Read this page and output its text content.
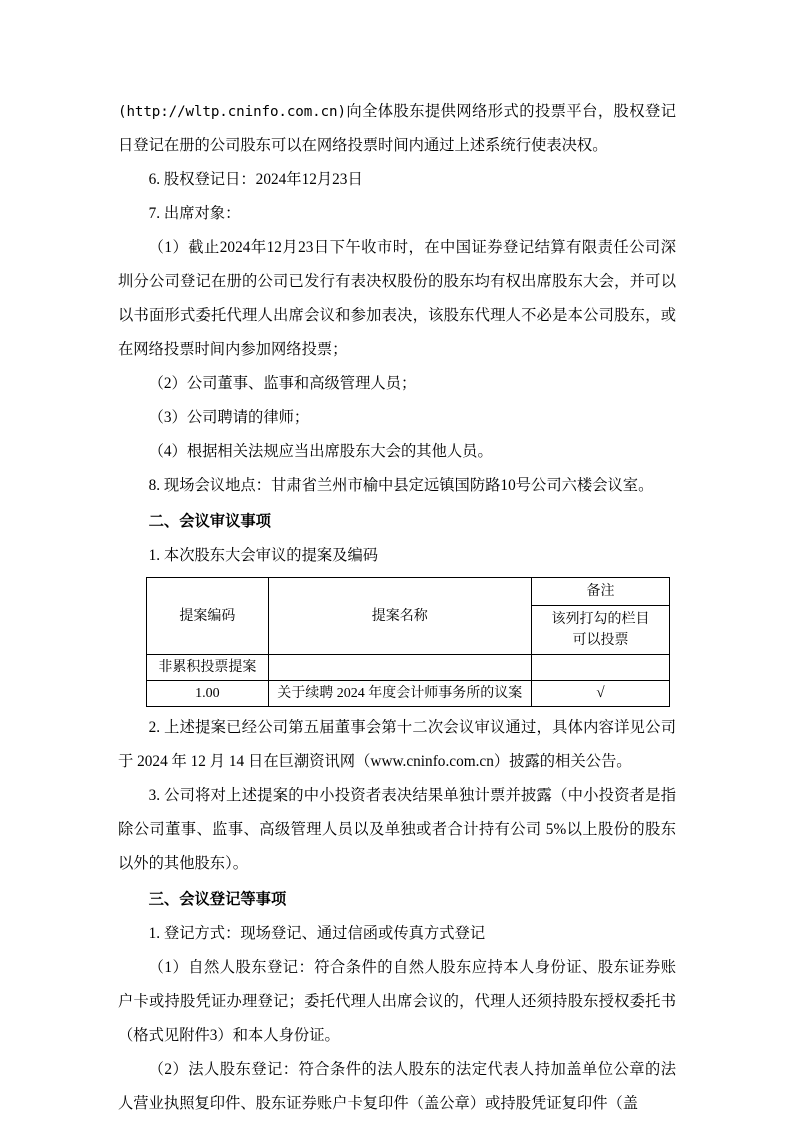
(http://wltp.cninfo.com.cn)向全体股东提供网络形式的投票平台，股权登记日登记在册的公司股东可以在网络投票时间内通过上述系统行使表决权。

6. 股权登记日：2024年12月23日

7. 出席对象：

（1）截止2024年12月23日下午收市时，在中国证券登记结算有限责任公司深圳分公司登记在册的公司已发行有表决权股份的股东均有权出席股东大会，并可以以书面形式委托代理人出席会议和参加表决，该股东代理人不必是本公司股东，或在网络投票时间内参加网络投票；

（2）公司董事、监事和高级管理人员；

（3）公司聘请的律师；

（4）根据相关法规应当出席股东大会的其他人员。

8. 现场会议地点：甘肃省兰州市榆中县定远镇国防路10号公司六楼会议室。

二、会议审议事项

1. 本次股东大会审议的提案及编码

提案编码	提案名称	备注

		该列打勾的栏目
可以投票

非累积投票提案		
1.00	关于续聘 2024 年度会计师事务所的议案	√

2. 上述提案已经公司第五届董事会第十二次会议审议通过，具体内容详见公司于 2024 年 12 月 14 日在巨潮资讯网（www.cninfo.com.cn）披露的相关公告。

3. 公司将对上述提案的中小投资者表决结果单独计票并披露（中小投资者是指除公司董事、监事、高级管理人员以及单独或者合计持有公司 5%以上股份的股东以外的其他股东）。

三、会议登记等事项

1. 登记方式：现场登记、通过信函或传真方式登记

（1）自然人股东登记：符合条件的自然人股东应持本人身份证、股东证券账户卡或持股凭证办理登记；委托代理人出席会议的，代理人还须持股东授权委托书（格式见附件3）和本人身份证。

（2）法人股东登记：符合条件的法人股东的法定代表人持加盖单位公章的法人营业执照复印件、股东证券账户卡复印件（盖公章）或持股凭证复印件（盖
